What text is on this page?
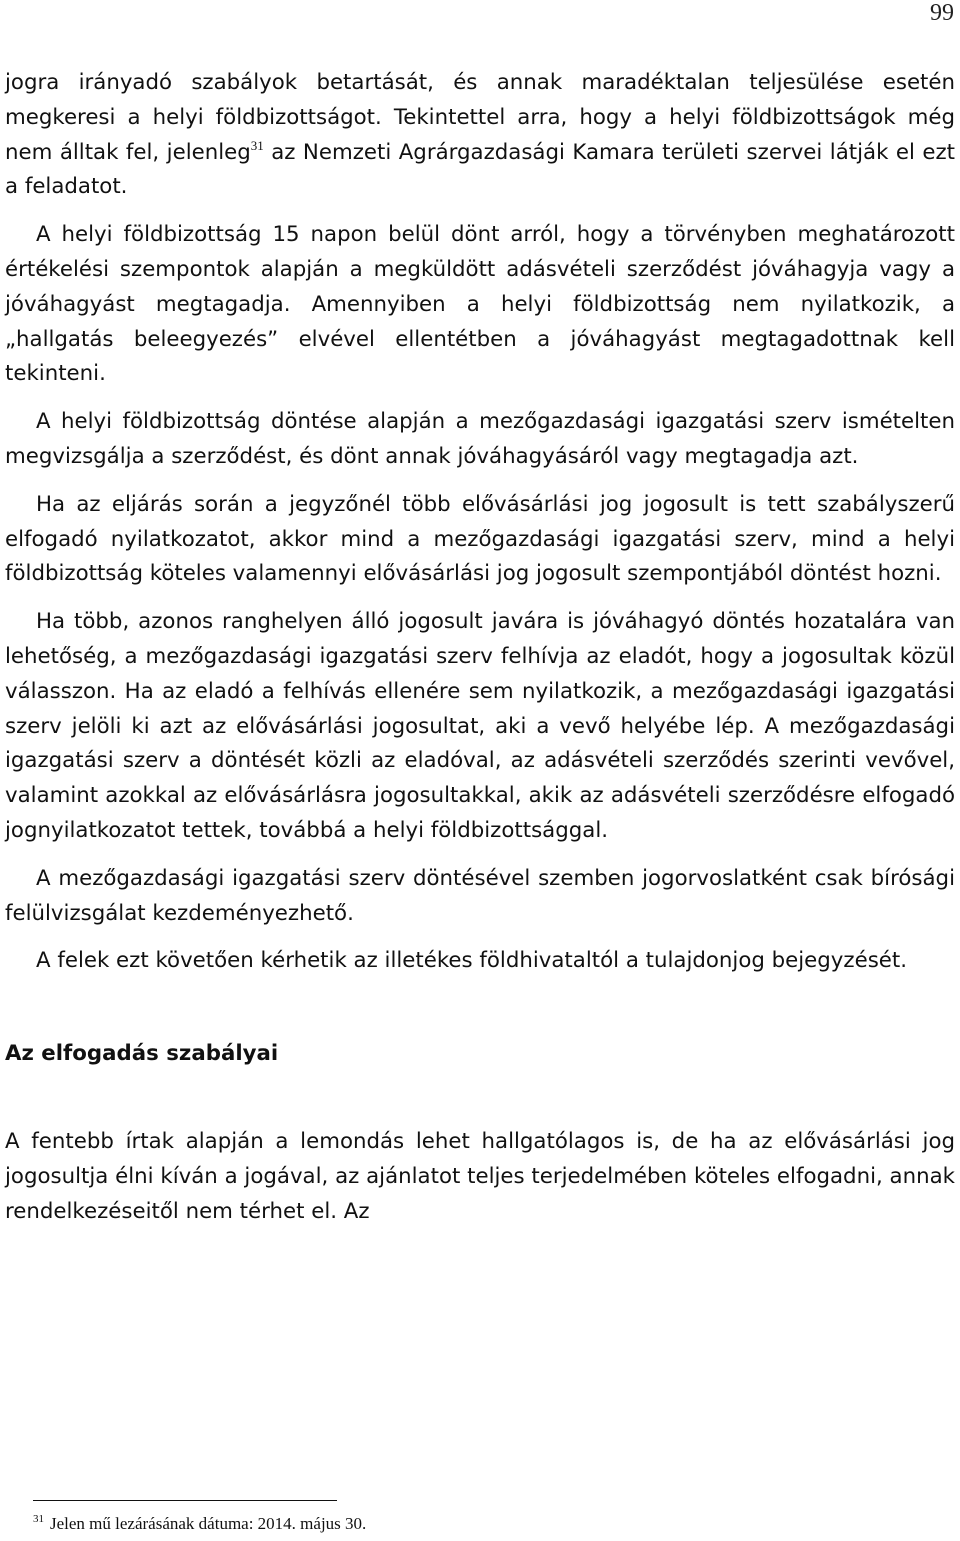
99

jogra irányadó szabályok betartását, és annak maradéktalan teljesülése esetén megkeresi a helyi földbizottságot. Tekintettel arra, hogy a helyi földbizottságok még nem álltak fel, jelenleg$^{31}$ az Nemzeti Agrárgazdasági Kamara területi szervei látják el ezt a feladatot.

A helyi földbizottság 15 napon belül dönt arról, hogy a törvényben meghatározott értékelési szempontok alapján a megküldött adásvételi szerződést jóváhagyja vagy a jóváhagyást megtagadja. Amennyiben a helyi földbizottság nem nyilatkozik, a „hallgatás beleegyezés” elvével ellentétben a jóváhagyást megtagadottnak kell tekinteni.

A helyi földbizottság döntése alapján a mezőgazdasági igazgatási szerv ismételten megvizsgálja a szerződést, és dönt annak jóváhagyásáról vagy megtagadja azt.

Ha az eljárás során a jegyzőnél több elővásárlási jog jogosult is tett szabályszerű elfogadó nyilatkozatot, akkor mind a mezőgazdasági igazgatási szerv, mind a helyi földbizottság köteles valamennyi elővásárlási jog jogosult szempontjából döntést hozni.

Ha több, azonos ranghelyen álló jogosult javára is jóváhagyó döntés hozatalára van lehetőség, a mezőgazdasági igazgatási szerv felhívja az eladót, hogy a jogosultak közül válasszon. Ha az eladó a felhívás ellenére sem nyilatkozik, a mezőgazdasági igazgatási szerv jelöli ki azt az elővásárlási jogosultat, aki a vevő helyébe lép. A mezőgazdasági igazgatási szerv a döntését közli az eladóval, az adásvételi szerződés szerinti vevővel, valamint azokkal az elővásárlásra jogosultakkal, akik az adásvételi szerződésre elfogadó jognyilatkozatot tettek, továbbá a helyi földbizottsággal.

A mezőgazdasági igazgatási szerv döntésével szemben jogorvoslatként csak bírósági felülvizsgálat kezdeményezhető.

A felek ezt követően kérhetik az illetékes földhivataltól a tulajdonjog bejegyzését.

Az elfogadás szabályai

A fentebb írtak alapján a lemondás lehet hallgatólagos is, de ha az elővásárlási jog jogosultja élni kíván a jogával, az ajánlatot teljes terjedelmében köteles elfogadni, annak rendelkezéseitől nem térhet el. Az

$^{31}$ Jelen mű lezárásának dátuma: 2014. május 30.
